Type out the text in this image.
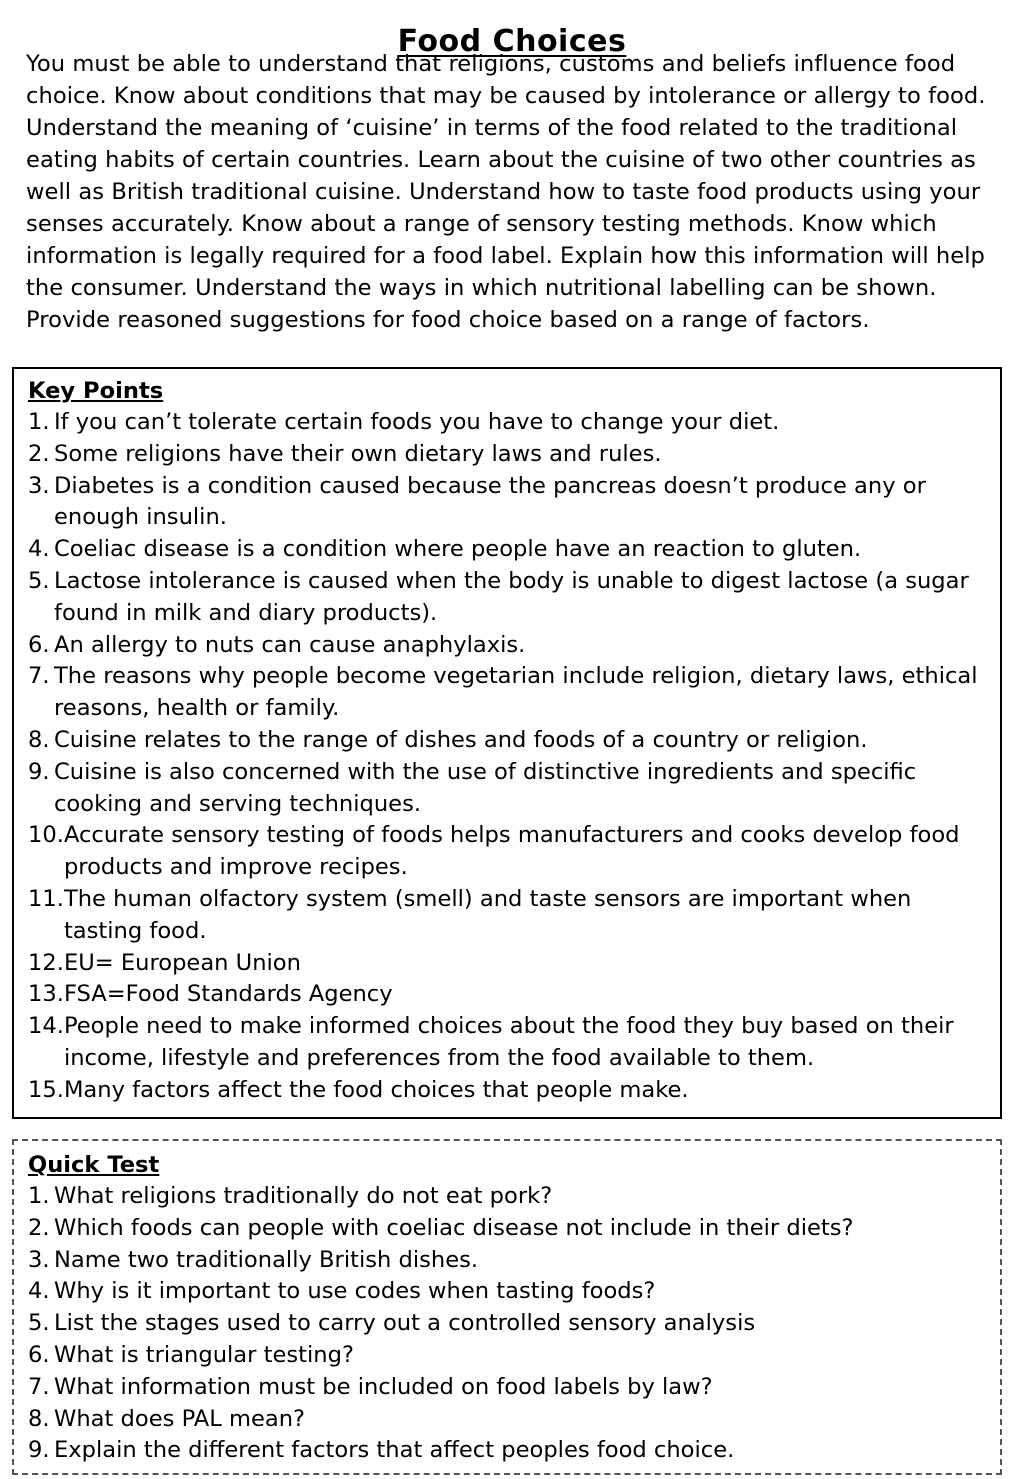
Food Choices

You must be able to understand that religions, customs and beliefs influence food choice. Know about conditions that may be caused by intolerance or allergy to food. Understand the meaning of ‘cuisine’ in terms of the food related to the traditional eating habits of certain countries. Learn about the cuisine of two other countries as well as British traditional cuisine. Understand how to taste food products using your senses accurately. Know about a range of sensory testing methods. Know which information is legally required for a food label. Explain how this information will help the consumer. Understand the ways in which nutritional labelling can be shown. Provide reasoned suggestions for food choice based on a range of factors.

Key Points
1. If you can’t tolerate certain foods you have to change your diet.
2. Some religions have their own dietary laws and rules.
3. Diabetes is a condition caused because the pancreas doesn’t produce any or enough insulin.
4. Coeliac disease is a condition where people have an reaction to gluten.
5. Lactose intolerance is caused when the body is unable to digest lactose (a sugar found in milk and diary products).
6. An allergy to nuts can cause anaphylaxis.
7. The reasons why people become vegetarian include religion, dietary laws, ethical reasons, health or family.
8. Cuisine relates to the range of dishes and foods of a country or religion.
9. Cuisine is also concerned with the use of distinctive ingredients and specific cooking and serving techniques.
10. Accurate sensory testing of foods helps manufacturers and cooks develop food products and improve recipes.
11. The human olfactory system (smell) and taste sensors are important when tasting food.
12. EU= European Union
13. FSA=Food Standards Agency
14. People need to make informed choices about the food they buy based on their income, lifestyle and preferences from the food available to them.
15. Many factors affect the food choices that people make.
Quick Test
1. What religions traditionally do not eat pork?
2. Which foods can people with coeliac disease not include in their diets?
3. Name two traditionally British dishes.
4. Why is it important to use codes when tasting foods?
5. List the stages used to carry out a controlled sensory analysis
6. What is triangular testing?
7. What information must be included on food labels by law?
8. What does PAL mean?
9. Explain the different factors that affect peoples food choice.
